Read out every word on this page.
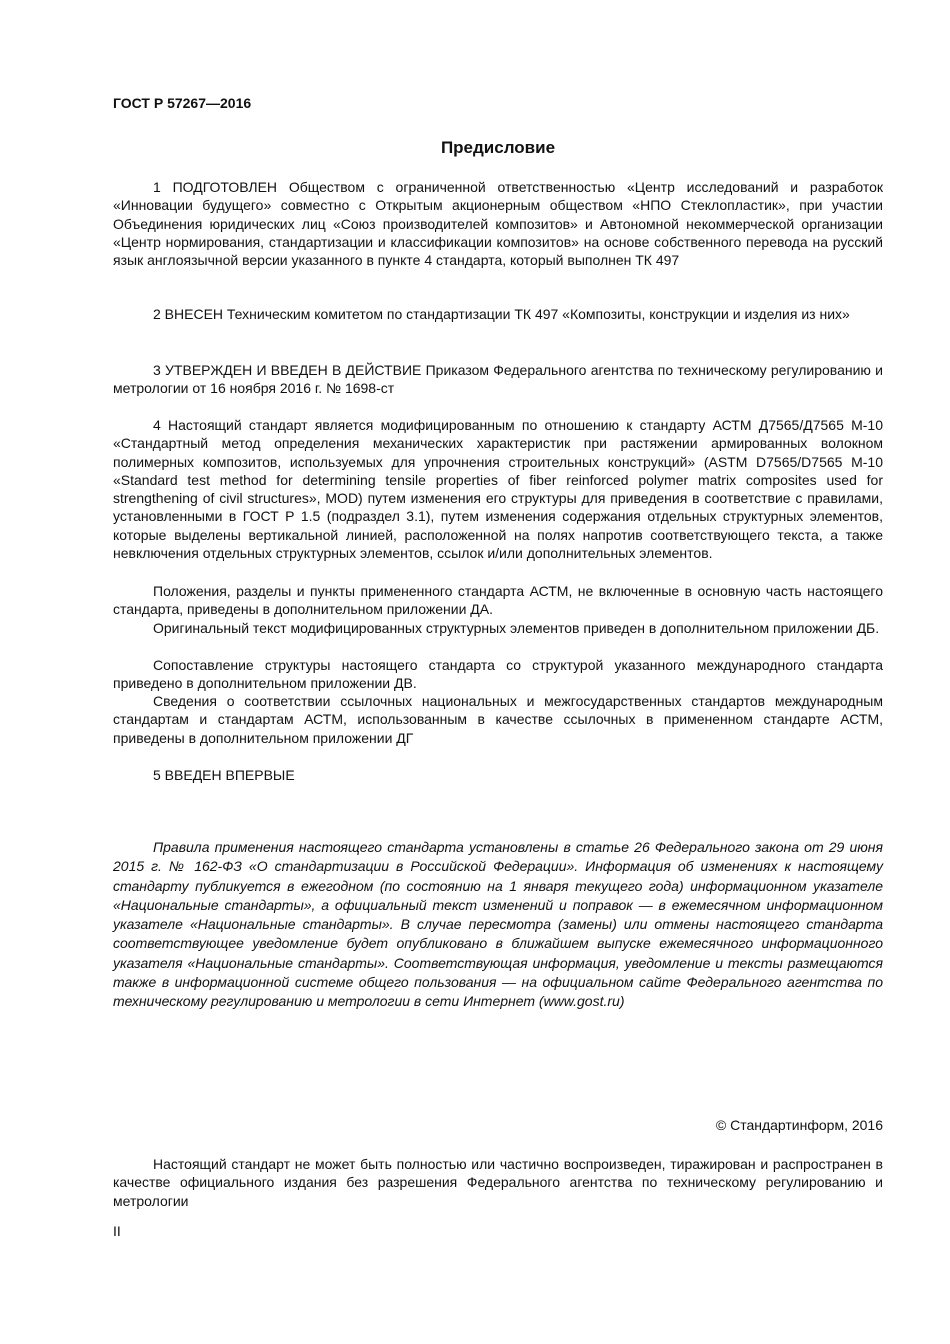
ГОСТ Р 57267—2016
Предисловие

1 ПОДГОТОВЛЕН Обществом с ограниченной ответственностью «Центр исследований и разработок «Инновации будущего» совместно с Открытым акционерным обществом «НПО Стеклопластик», при участии Объединения юридических лиц «Союз производителей композитов» и Автономной некоммерческой организации «Центр нормирования, стандартизации и классификации композитов» на основе собственного перевода на русский язык англоязычной версии указанного в пункте 4 стандарта, который выполнен ТК 497

2 ВНЕСЕН Техническим комитетом по стандартизации ТК 497 «Композиты, конструкции и изделия из них»

3 УТВЕРЖДЕН И ВВЕДЕН В ДЕЙСТВИЕ Приказом Федерального агентства по техническому регулированию и метрологии от 16 ноября 2016 г. № 1698-ст

4 Настоящий стандарт является модифицированным по отношению к стандарту АСТМ Д7565/Д7565 М-10 «Стандартный метод определения механических характеристик при растяжении армированных волокном полимерных композитов, используемых для упрочнения строительных конструкций» (ASTM D7565/D7565 M-10 «Standard test method for determining tensile properties of fiber reinforced polymer matrix composites used for strengthening of civil structures», MOD) путем изменения его структуры для приведения в соответствие с правилами, установленными в ГОСТ Р 1.5 (подраздел 3.1), путем изменения содержания отдельных структурных элементов, которые выделены вертикальной линией, расположенной на полях напротив соответствующего текста, а также невключения отдельных структурных элементов, ссылок и/или дополнительных элементов.

Положения, разделы и пункты примененного стандарта АСТМ, не включенные в основную часть настоящего стандарта, приведены в дополнительном приложении ДА.

Оригинальный текст модифицированных структурных элементов приведен в дополнительном приложении ДБ.

Сопоставление структуры настоящего стандарта со структурой указанного международного стандарта приведено в дополнительном приложении ДВ.

Сведения о соответствии ссылочных национальных и межгосударственных стандартов международным стандартам и стандартам АСТМ, использованным в качестве ссылочных в примененном стандарте АСТМ, приведены в дополнительном приложении ДГ

5 ВВЕДЕН ВПЕРВЫЕ

Правила применения настоящего стандарта установлены в статье 26 Федерального закона от 29 июня 2015 г. № 162-ФЗ «О стандартизации в Российской Федерации». Информация об изменениях к настоящему стандарту публикуется в ежегодном (по состоянию на 1 января текущего года) информационном указателе «Национальные стандарты», а официальный текст изменений и поправок — в ежемесячном информационном указателе «Национальные стандарты». В случае пересмотра (замены) или отмены настоящего стандарта соответствующее уведомление будет опубликовано в ближайшем выпуске ежемесячного информационного указателя «Национальные стандарты». Соответствующая информация, уведомление и тексты размещаются также в информационной системе общего пользования — на официальном сайте Федерального агентства по техническому регулированию и метрологии в сети Интернет (www.gost.ru)

© Стандартинформ, 2016

Настоящий стандарт не может быть полностью или частично воспроизведен, тиражирован и распространен в качестве официального издания без разрешения Федерального агентства по техническому регулированию и метрологии

II
